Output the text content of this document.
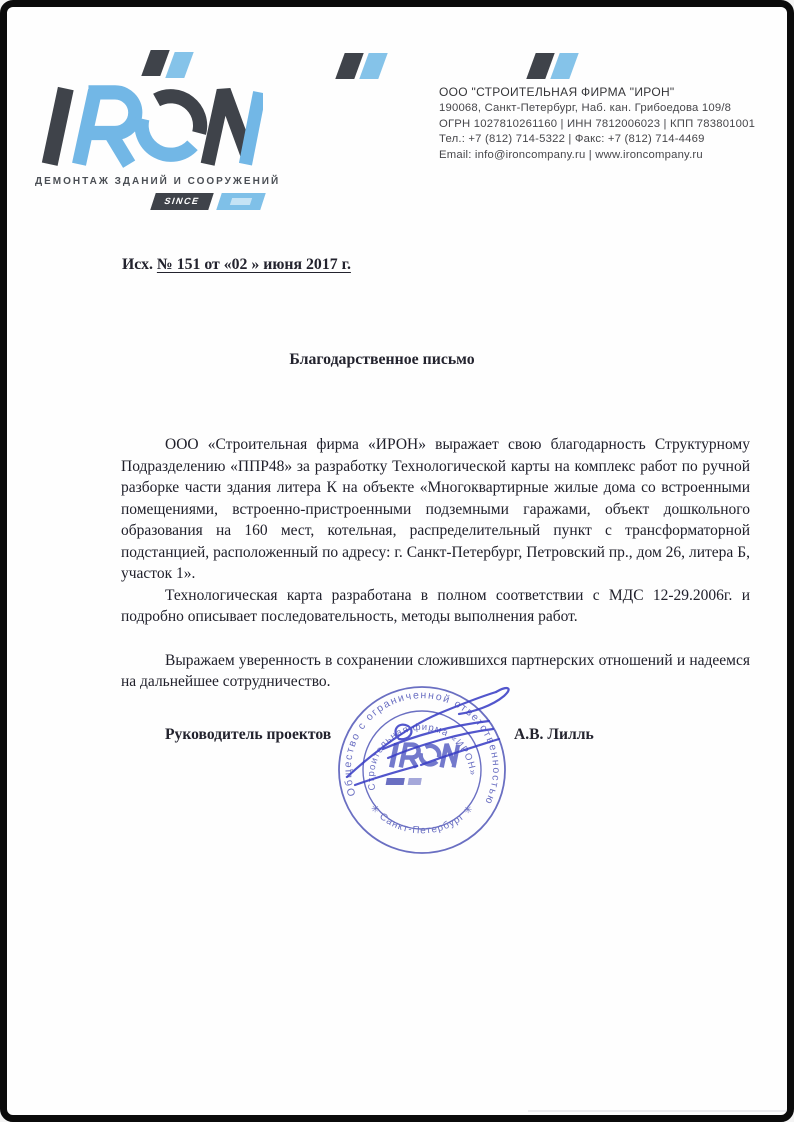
ДЕМОНТАЖ ЗДАНИЙ И СООРУЖЕНИЙ
SINCE
ООО "СТРОИТЕЛЬНАЯ ФИРМА "ИРОН"
190068, Санкт-Петербург, Наб. кан. Грибоедова 109/8
ОГРН 1027810261160 | ИНН 7812006023 | КПП 783801001
Тел.: +7 (812) 714-5322 | Факс: +7 (812) 714-4469
Email: info@ironcompany.ru | www.ironcompany.ru
Исх. № 151 от «02 » июня 2017 г.
Благодарственное письмо

ООО «Строительная фирма «ИРОН» выражает свою благодарность Структурному Подразделению «ППР48» за разработку Технологической карты на комплекс работ по ручной разборке части здания литера К на объекте «Многоквартирные жилые дома со встроенными помещениями, встроенно-пристроенными подземными гаражами, объект дошкольного образования на 160 мест, котельная, распределительный пункт с трансформаторной подстанцией, расположенный по адресу: г. Санкт-Петербург, Петровский пр., дом 26, литера Б, участок 1».

Технологическая карта разработана в полном соответствии с МДС 12-29.2006г. и подробно описывает последовательность, методы выполнения работ.

Выражаем уверенность в сохранении сложившихся партнерских отношений и надеемся на дальнейшее сотрудничество.

Руководитель проектов	А.В. Лилль
Общество с ограниченной ответственностью
Строительная фирма «ИРОН»
✳ Санкт-Петербург ✳
